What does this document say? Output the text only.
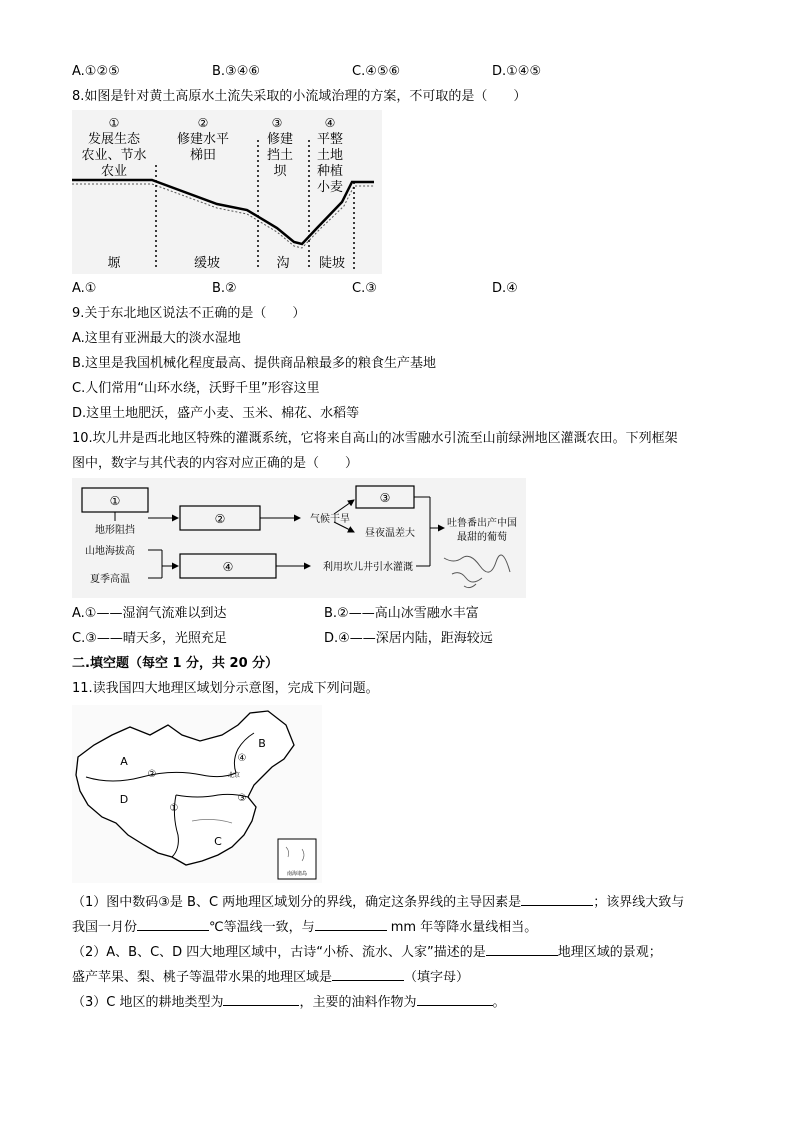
A.①②⑤	B.③④⑥	C.④⑤⑥	D.①④⑤
8.如图是针对黄土高原水土流失采取的小流域治理的方案，不可取的是（　　）
①	②	③	④
发展生态
农业、节水
农业
修建水平
梯田
修建
挡土
坝
平整
土地
种植
小麦
塬	缓坡	沟 陡坡
A.①	B.②	C.③	D.④
9.关于东北地区说法不正确的是（　　）
A.这里有亚洲最大的淡水湿地
B.这里是我国机械化程度最高、提供商品粮最多的粮食生产基地
C.人们常用“山环水绕，沃野千里”形容这里
D.这里土地肥沃，盛产小麦、玉米、棉花、水稻等
10.坎儿井是西北地区特殊的灌溉系统，它将来自高山的冰雪融水引流至山前绿洲地区灌溉农田。下列框架
图中，数字与其代表的内容对应正确的是（　　）
①
地形阻挡
②	气候干旱
③
昼夜温差大
吐鲁番出产中国
最甜的葡萄
山地海拔高
夏季高温
④	利用坎儿井引水灌溉
A.①——湿润气流难以到达	B.②——高山冰雪融水丰富
C.③——晴天多，光照充足	D.④——深居内陆，距海较远
二.填空题（每空 1 分，共 20 分）
11.读我国四大地理区域划分示意图，完成下列问题。
A
B
C
D
①
②
③
④
北京
南海诸岛
（1）图中数码③是 B、C 两地理区域划分的界线，确定这条界线的主导因素是	；该界线大致与
我国一月份	℃等温线一致，与	mm 年等降水量线相当。
（2）A、B、C、D 四大地理区域中，古诗“小桥、流水、人家”描述的是	地理区域的景观；
盛产苹果、梨、桃子等温带水果的地理区域是	（填字母）
（3）C 地区的耕地类型为	，主要的油料作物为	。
